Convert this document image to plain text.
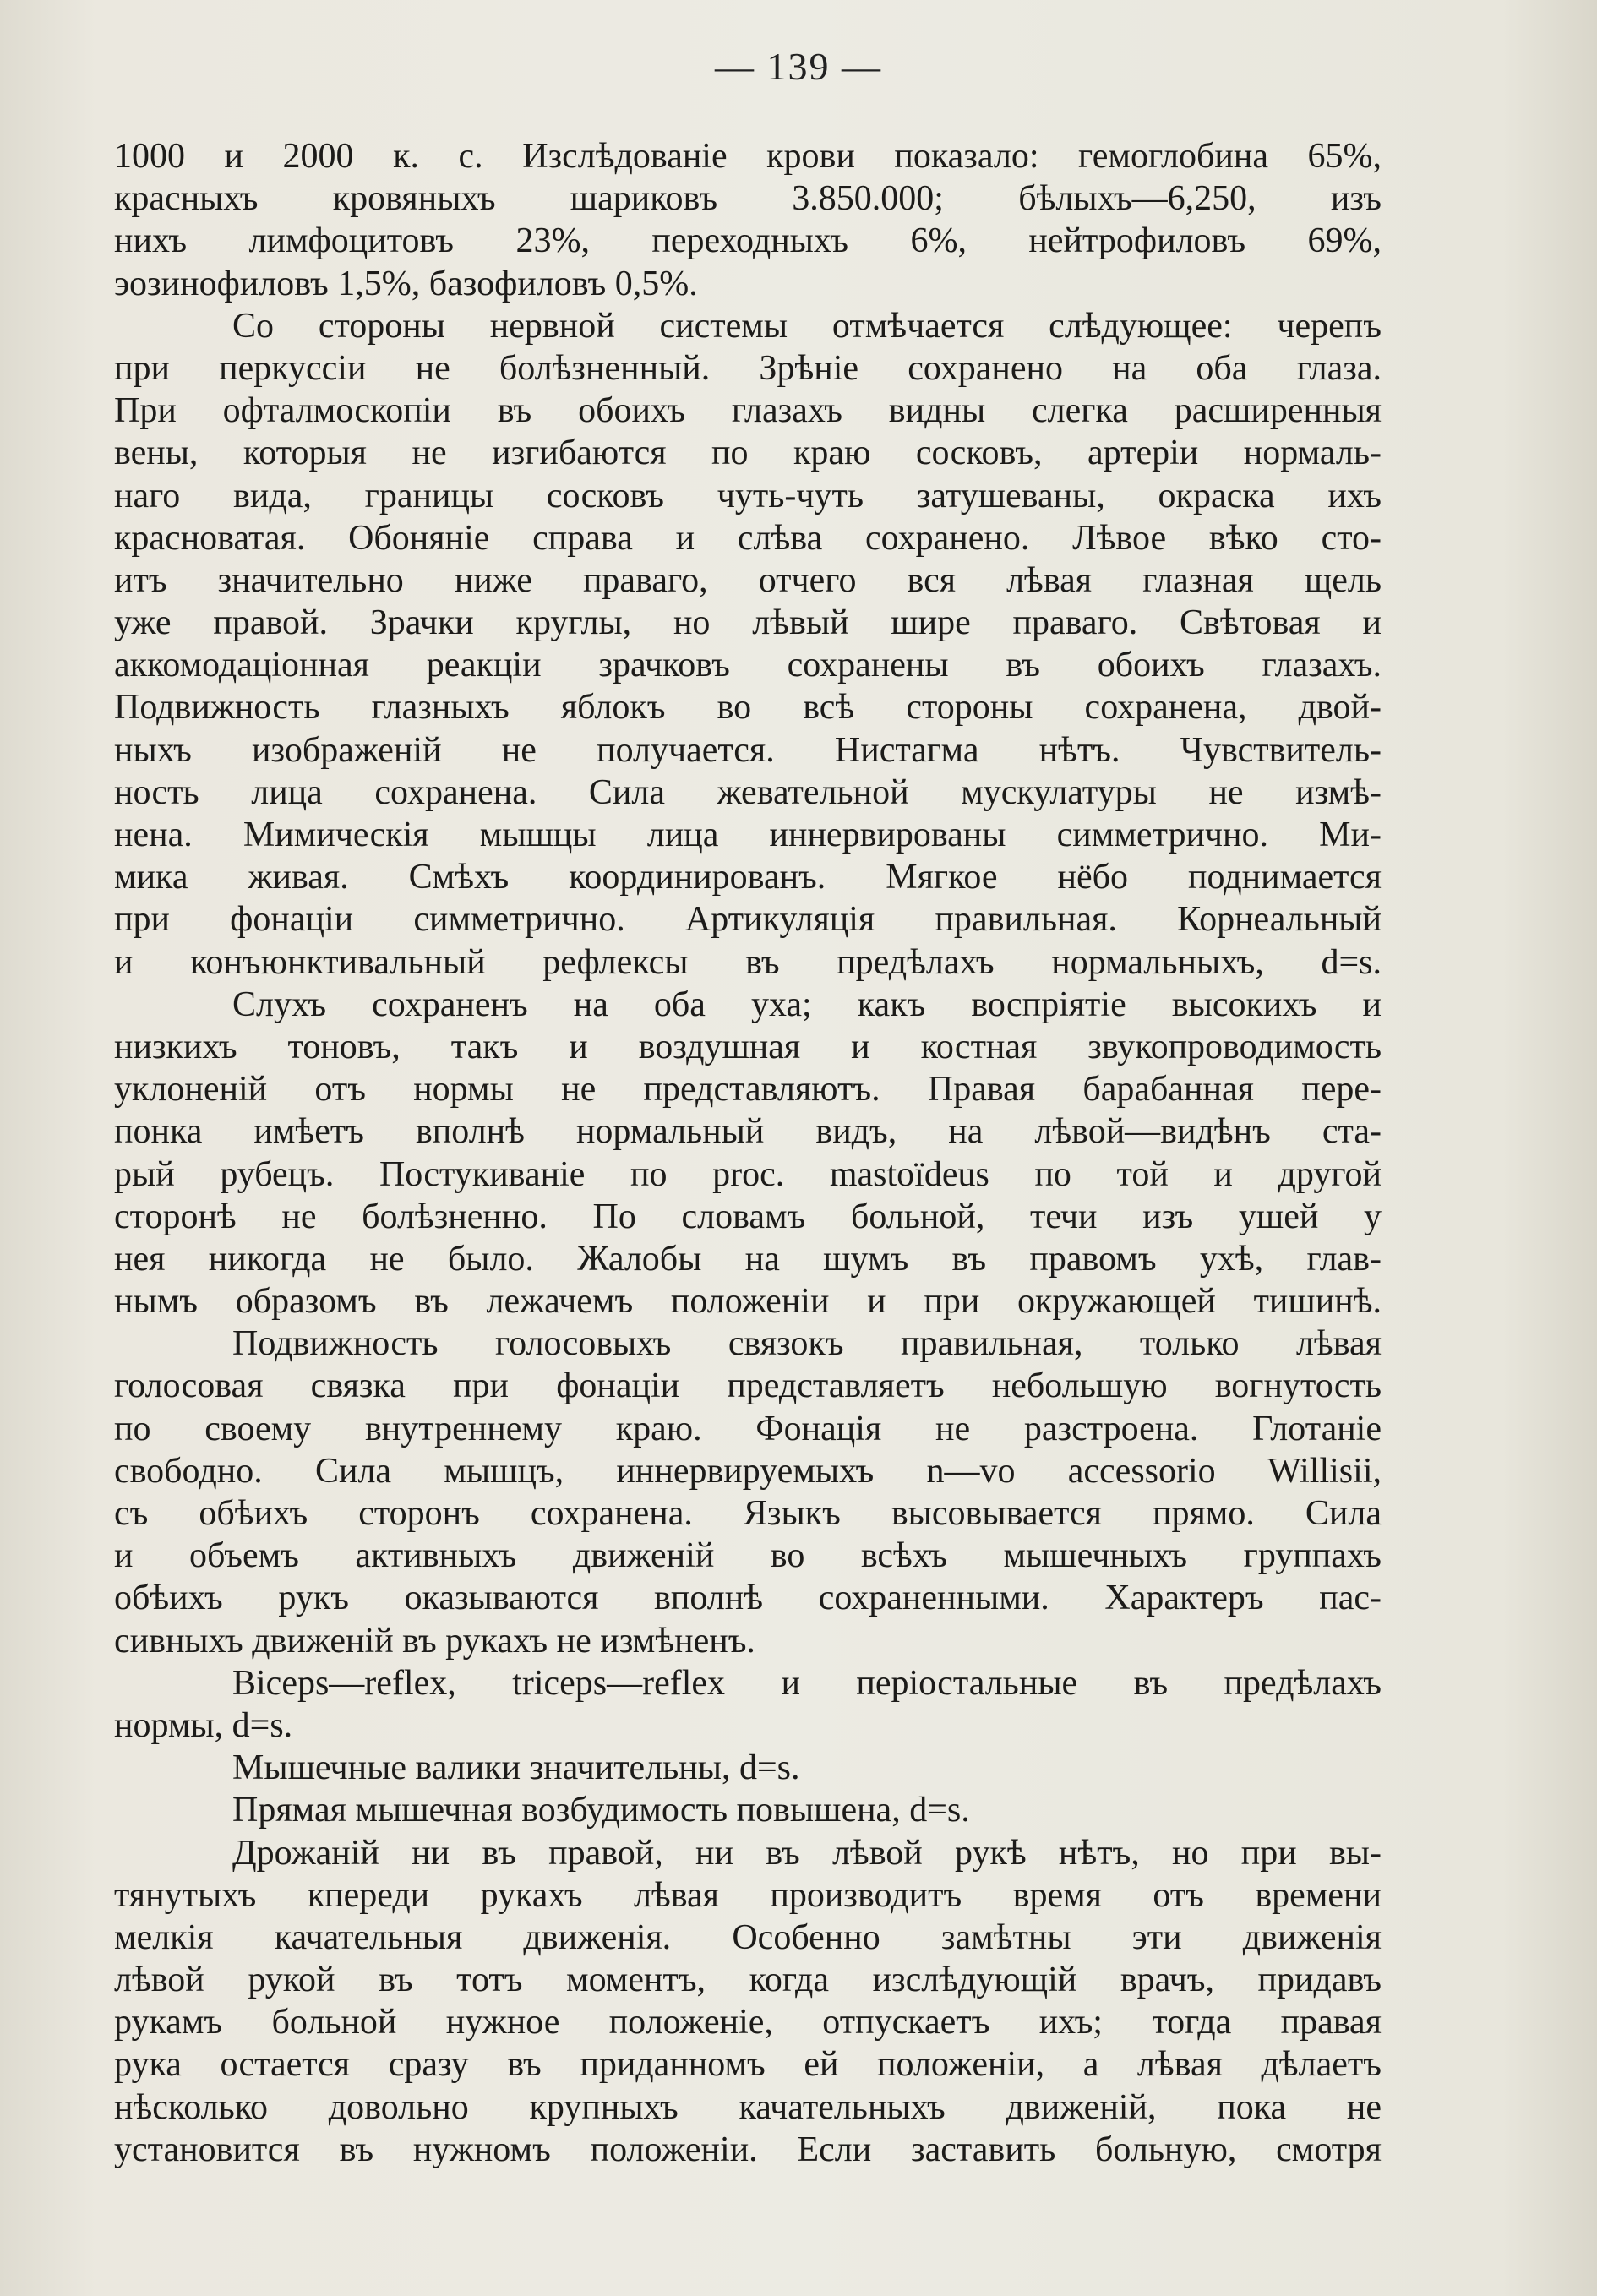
— 139 —
1000 и 2000 к. с. Изслѣдованіе крови показало: гемоглобина 65%,
красныхъ кровяныхъ шариковъ 3.850.000; бѣлыхъ—6,250, изъ
нихъ лимфоцитовъ 23%, переходныхъ 6%, нейтрофиловъ 69%,
эозинофиловъ 1,5%, базофиловъ 0,5%.
Со стороны нервной системы отмѣчается слѣдующее: черепъ
при перкуссіи не болѣзненный. Зрѣніе сохранено на оба глаза.
При офталмоскопіи въ обоихъ глазахъ видны слегка расширенныя
вены, которыя не изгибаются по краю сосковъ, артеріи нормаль-
наго вида, границы сосковъ чуть-чуть затушеваны, окраска ихъ
красноватая. Обоняніе справа и слѣва сохранено. Лѣвое вѣко сто-
итъ значительно ниже праваго, отчего вся лѣвая глазная щель
уже правой. Зрачки круглы, но лѣвый шире праваго. Свѣтовая и
аккомодаціонная реакціи зрачковъ сохранены въ обоихъ глазахъ.
Подвижность глазныхъ яблокъ во всѣ стороны сохранена, двой-
ныхъ изображеній не получается. Нистагма нѣтъ. Чувствитель-
ность лица сохранена. Сила жевательной мускулатуры не измѣ-
нена. Мимическія мышцы лица иннервированы симметрично. Ми-
мика живая. Смѣхъ координированъ. Мягкое нёбо поднимается
при фонаціи симметрично. Артикуляція правильная. Корнеальный
и конъюнктивальный рефлексы въ предѣлахъ нормальныхъ, d=s.
Слухъ сохраненъ на оба уха; какъ воспріятіе высокихъ и
низкихъ тоновъ, такъ и воздушная и костная звукопроводимость
уклоненій отъ нормы не представляютъ. Правая барабанная пере-
понка имѣетъ вполнѣ нормальный видъ, на лѣвой—видѣнъ ста-
рый рубецъ. Постукиваніе по proc. mastoïdeus по той и другой
сторонѣ не болѣзненно. По словамъ больной, течи изъ ушей у
нея никогда не было. Жалобы на шумъ въ правомъ ухѣ, глав-
нымъ образомъ въ лежачемъ положеніи и при окружающей тишинѣ.
Подвижность голосовыхъ связокъ правильная, только лѣвая
голосовая связка при фонаціи представляетъ небольшую вогнутость
по своему внутреннему краю. Фонація не разстроена. Глотаніе
свободно. Сила мышцъ, иннервируемыхъ n—vo accessorio Willisii,
съ обѣихъ сторонъ сохранена. Языкъ высовывается прямо. Сила
и объемъ активныхъ движеній во всѣхъ мышечныхъ группахъ
обѣихъ рукъ оказываются вполнѣ сохраненными. Характеръ пас-
сивныхъ движеній въ рукахъ не измѣненъ.
Biceps—reflex, triceps—reflex и періостальные въ предѣлахъ
нормы, d=s.
Мышечные валики значительны, d=s.
Прямая мышечная возбудимость повышена, d=s.
Дрожаній ни въ правой, ни въ лѣвой рукѣ нѣтъ, но при вы-
тянутыхъ кпереди рукахъ лѣвая производитъ время отъ времени
мелкія качательныя движенія. Особенно замѣтны эти движенія
лѣвой рукой въ тотъ моментъ, когда изслѣдующій врачъ, придавъ
рукамъ больной нужное положеніе, отпускаетъ ихъ; тогда правая
рука остается сразу въ приданномъ ей положеніи, а лѣвая дѣлаетъ
нѣсколько довольно крупныхъ качательныхъ движеній, пока не
установится въ нужномъ положеніи. Если заставить больную, смотря
